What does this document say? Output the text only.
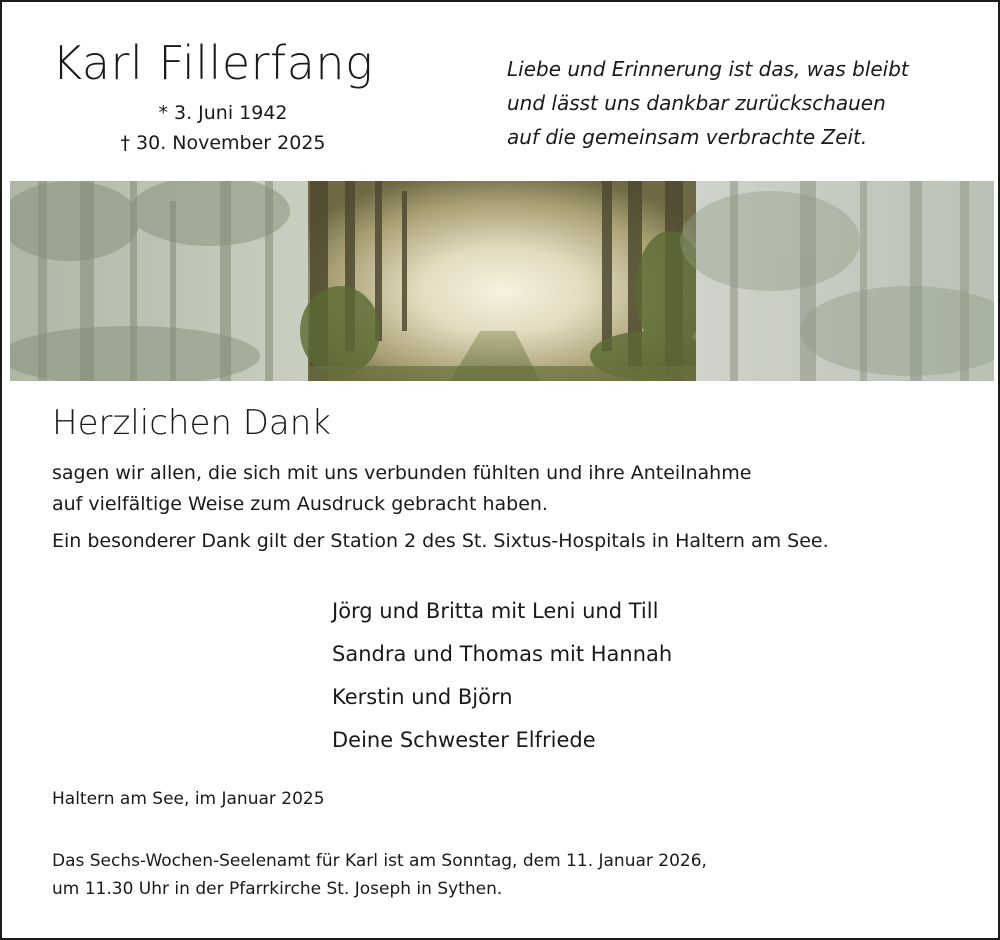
Karl Fillerfang
* 3. Juni 1942
† 30. November 2025
Liebe und Erinnerung ist das, was bleibt
und lässt uns dankbar zurückschauen
auf die gemeinsam verbrachte Zeit.
Herzlichen Dank
sagen wir allen, die sich mit uns verbunden fühlten und ihre Anteilnahme
auf vielfältige Weise zum Ausdruck gebracht haben.
Ein besonderer Dank gilt der Station 2 des St. Sixtus-Hospitals in Haltern am See.
Jörg und Britta mit Leni und Till
Sandra und Thomas mit Hannah
Kerstin und Björn
Deine Schwester Elfriede
Haltern am See, im Januar 2025
Das Sechs-Wochen-Seelenamt für Karl ist am Sonntag, dem 11. Januar 2026,
um 11.30 Uhr in der Pfarrkirche St. Joseph in Sythen.
